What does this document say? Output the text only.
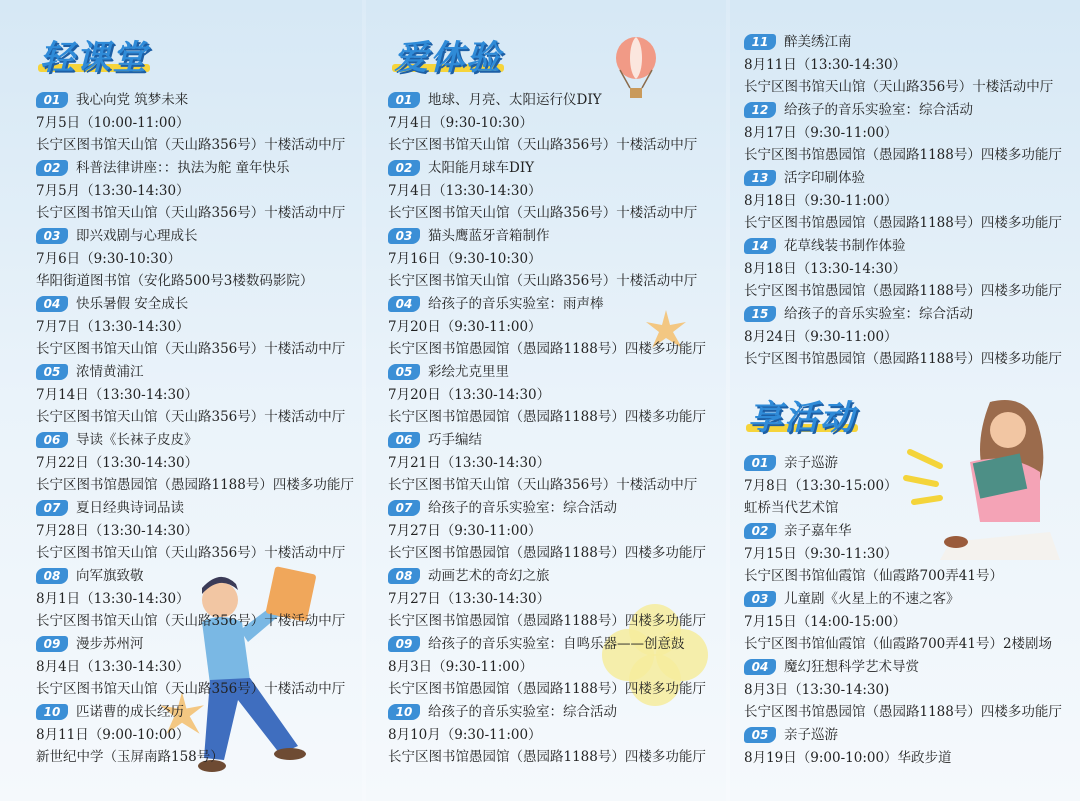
轻课堂	爱体验
享活动
01	我心向党 筑梦未来
7月5日（10:00-11:00）
长宁区图书馆天山馆（天山路356号）十楼活动中厅
02	科普法律讲座：：执法为舵 童年快乐
7月5月（13:30-14:30）
长宁区图书馆天山馆（天山路356号）十楼活动中厅
03	即兴戏剧与心理成长
7月6日（9:30-10:30）
华阳街道图书馆（安化路500号3楼数码影院）
04	快乐暑假 安全成长
7月7日（13:30-14:30）
长宁区图书馆天山馆（天山路356号）十楼活动中厅
05	浓情黄浦江
7月14日（13:30-14:30）
长宁区图书馆天山馆（天山路356号）十楼活动中厅
06	导读《长袜子皮皮》
7月22日（13:30-14:30）
长宁区图书馆愚园馆（愚园路1188号）四楼多功能厅
07	夏日经典诗词品读
7月28日（13:30-14:30）
长宁区图书馆天山馆（天山路356号）十楼活动中厅
08	向军旗致敬
8月1日（13:30-14:30）
长宁区图书馆天山馆（天山路356号）十楼活动中厅
09	漫步苏州河
8月4日（13:30-14:30）
长宁区图书馆天山馆（天山路356号）十楼活动中厅
10	匹诺曹的成长经历
8月11日（9:00-10:00）
新世纪中学（玉屏南路158号）
01	地球、月亮、太阳运行仪DIY
7月4日（9:30-10:30）
长宁区图书馆天山馆（天山路356号）十楼活动中厅
02	太阳能月球车DIY
7月4日（13:30-14:30）
长宁区图书馆天山馆（天山路356号）十楼活动中厅
03	猫头鹰蓝牙音箱制作
7月16日（9:30-10:30）
长宁区图书馆天山馆（天山路356号）十楼活动中厅
04	给孩子的音乐实验室：雨声棒
7月20日（9:30-11:00）
长宁区图书馆愚园馆（愚园路1188号）四楼多功能厅
05	彩绘尤克里里
7月20日（13:30-14:30）
长宁区图书馆愚园馆（愚园路1188号）四楼多功能厅
06	巧手编结
7月21日（13:30-14:30）
长宁区图书馆天山馆（天山路356号）十楼活动中厅
07	给孩子的音乐实验室：综合活动
7月27日（9:30-11:00）
长宁区图书馆愚园馆（愚园路1188号）四楼多功能厅
08	动画艺术的奇幻之旅
7月27日（13:30-14:30）
长宁区图书馆愚园馆（愚园路1188号）四楼多功能厅
09	给孩子的音乐实验室：自鸣乐器——创意鼓
8月3日（9:30-11:00）
长宁区图书馆愚园馆（愚园路1188号）四楼多功能厅
10	给孩子的音乐实验室：综合活动
8月10月（9:30-11:00）
长宁区图书馆愚园馆（愚园路1188号）四楼多功能厅
11	醉美绣江南
8月11日（13:30-14:30）
长宁区图书馆天山馆（天山路356号）十楼活动中厅
12	给孩子的音乐实验室：综合活动
8月17日（9:30-11:00）
长宁区图书馆愚园馆（愚园路1188号）四楼多功能厅
13	活字印刷体验
8月18日（9:30-11:00）
长宁区图书馆愚园馆（愚园路1188号）四楼多功能厅
14	花草线装书制作体验
8月18日（13:30-14:30）
长宁区图书馆愚园馆（愚园路1188号）四楼多功能厅
15	给孩子的音乐实验室：综合活动
8月24日（9:30-11:00）
长宁区图书馆愚园馆（愚园路1188号）四楼多功能厅
01	亲子巡游
7月8日（13:30-15:00）
虹桥当代艺术馆
02	亲子嘉年华
7月15日（9:30-11:30）
长宁区图书馆仙霞馆（仙霞路700弄41号）
03	儿童剧《火星上的不速之客》
7月15日（14:00-15:00）
长宁区图书馆仙霞馆（仙霞路700弄41号）2楼剧场
04	魔幻狂想科学艺术导赏
8月3日（13:30-14:30)
长宁区图书馆愚园馆（愚园路1188号）四楼多功能厅
05	亲子巡游
8月19日（9:00-10:00）华政步道
